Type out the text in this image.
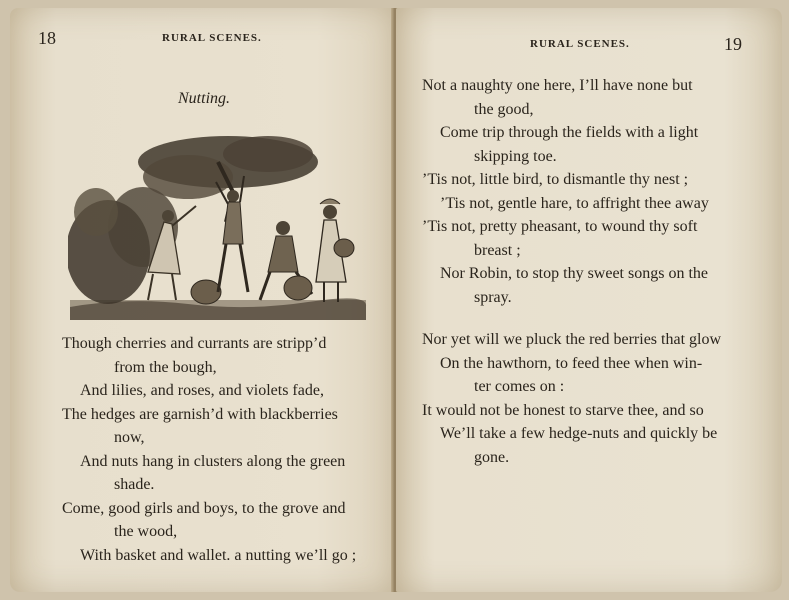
18	RURAL SCENES.
Nutting.
Though cherries and currants are stripp’d
from the bough,
And lilies, and roses, and violets fade,
The hedges are garnish’d with blackberries
now,
And nuts hang in clusters along the green
shade.
Come, good girls and boys, to the grove and
the wood,
With basket and wallet. a nutting we’ll go ;
RURAL SCENES.	19
Not a naughty one here, I’ll have none but
the good,
Come trip through the fields with a light
skipping toe.
’Tis not, little bird, to dismantle thy nest ;
’Tis not, gentle hare, to affright thee away
’Tis not, pretty pheasant, to wound thy soft
breast ;
Nor Robin, to stop thy sweet songs on the
spray.
Nor yet will we pluck the red berries that glow
On the hawthorn, to feed thee when win-
ter comes on :
It would not be honest to starve thee, and so
We’ll take a few hedge-nuts and quickly be
gone.
